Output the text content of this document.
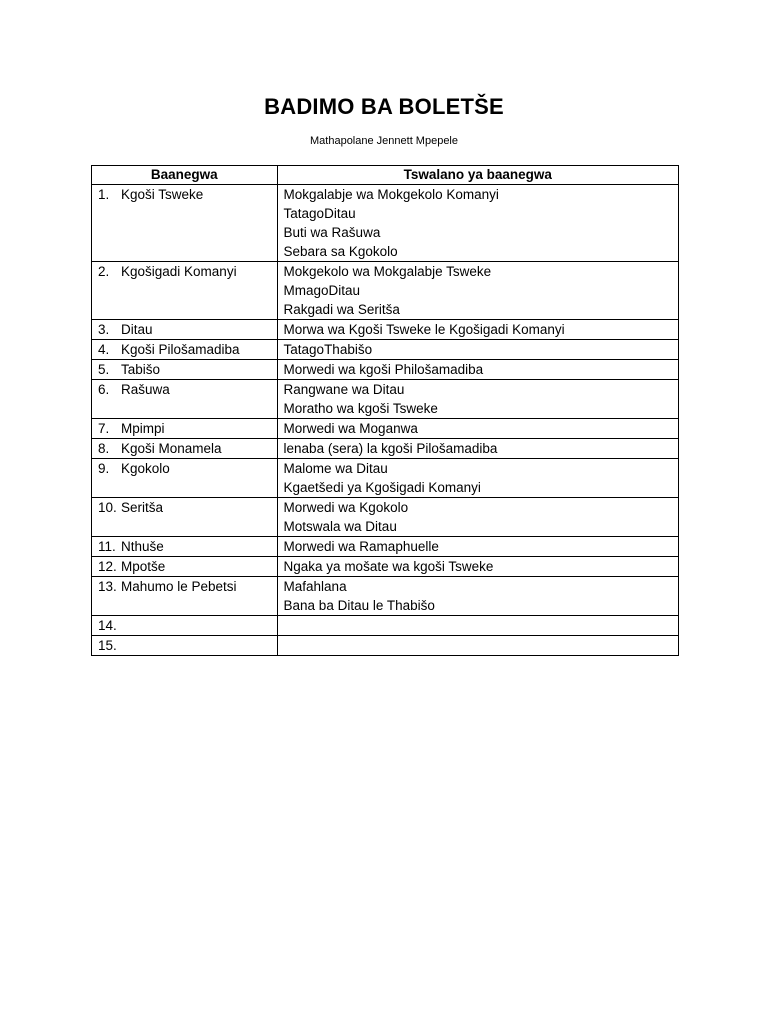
BADIMO BA BOLETŠE
Mathapolane Jennett Mpepele
Baanegwa	Tswalano ya baanegwa
1. Kgoši Tsweke	Mokgalabje wa Mokgekolo Komanyi
TatagoDitau
Buti wa Rašuwa
Sebara sa Kgokolo

2. Kgošigadi Komanyi	Mokgekolo wa Mokgalabje Tsweke
MmagoDitau
Rakgadi wa Seritša

3. Ditau	Morwa wa Kgoši Tsweke le Kgošigadi Komanyi

4. Kgoši Pilošamadiba	TatagoThabišo

5. Tabišo	Morwedi wa kgoši Philošamadiba

6. Rašuwa	Rangwane wa Ditau
Moratho wa kgoši Tsweke

7. Mpimpi	Morwedi wa Moganwa

8. Kgoši Monamela	lenaba (sera) la kgoši Pilošamadiba

9. Kgokolo	Malome wa Ditau
Kgaetšedi ya Kgošigadi Komanyi

10. Seritša	Morwedi wa Kgokolo
Motswala wa Ditau

11. Nthuše	Morwedi wa Ramaphuelle

12. Mpotše	Ngaka ya mošate wa kgoši Tsweke

13. Mahumo le Pebetsi	Mafahlana
Bana ba Ditau le Thabišo

14.	
15.	
